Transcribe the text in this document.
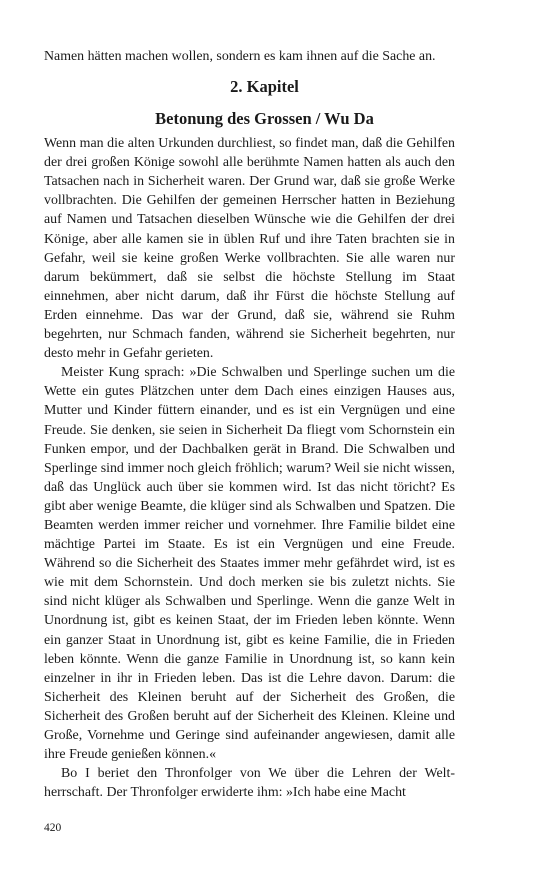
Namen hätten machen wollen, sondern es kam ihnen auf die Sache an.

2. Kapitel
Betonung des Grossen / Wu Da

Wenn man die alten Urkunden durchliest, so findet man, daß die Gehilfen der drei großen Könige sowohl alle berühmte Namen hatten als auch den Tatsachen nach in Sicherheit waren. Der Grund war, daß sie große Werke vollbrachten. Die Gehilfen der gemeinen Herrscher hatten in Beziehung auf Namen und Tatsachen dieselben Wünsche wie die Gehilfen der drei Könige, aber alle kamen sie in üblen Ruf und ihre Taten brachten sie in Gefahr, weil sie keine großen Werke vollbrachten. Sie alle waren nur darum bekümmert, daß sie selbst die höchste Stellung im Staat einnehmen, aber nicht darum, daß ihr Fürst die höchste Stellung auf Erden einnehme. Das war der Grund, daß sie, während sie Ruhm begehrten, nur Schmach fanden, während sie Sicherheit begehrten, nur desto mehr in Gefahr gerieten.

Meister Kung sprach: »Die Schwalben und Sperlinge suchen um die Wette ein gutes Plätzchen unter dem Dach eines einzigen Hauses aus, Mutter und Kinder füttern einander, und es ist ein Vergnügen und eine Freude. Sie denken, sie seien in Sicherheit Da fliegt vom Schornstein ein Funken empor, und der Dachbalken gerät in Brand. Die Schwalben und Sperlinge sind immer noch gleich fröhlich; warum? Weil sie nicht wissen, daß das Unglück auch über sie kommen wird. Ist das nicht töricht? Es gibt aber wenige Beamte, die klüger sind als Schwalben und Spatzen. Die Beamten werden immer reicher und vornehmer. Ihre Familie bildet eine mächtige Partei im Staate. Es ist ein Vergnügen und eine Freude. Während so die Sicherheit des Staates immer mehr gefährdet wird, ist es wie mit dem Schornstein. Und doch merken sie bis zuletzt nichts. Sie sind nicht klüger als Schwalben und Sperlinge. Wenn die ganze Welt in Unordnung ist, gibt es keinen Staat, der im Frieden leben könnte. Wenn ein ganzer Staat in Unordnung ist, gibt es keine Familie, die in Frieden leben könnte. Wenn die ganze Familie in Unordnung ist, so kann kein einzelner in ihr in Frieden leben. Das ist die Lehre davon. Darum: die Sicherheit des Kleinen beruht auf der Sicherheit des Großen, die Sicherheit des Großen beruht auf der Sicherheit des Kleinen. Kleine und Große, Vornehme und Geringe sind aufeinander angewiesen, damit alle ihre Freude genießen können.«

Bo I beriet den Thronfolger von We über die Lehren der Weltherrschaft. Der Thronfolger erwiderte ihm: »Ich habe eine Macht

420
